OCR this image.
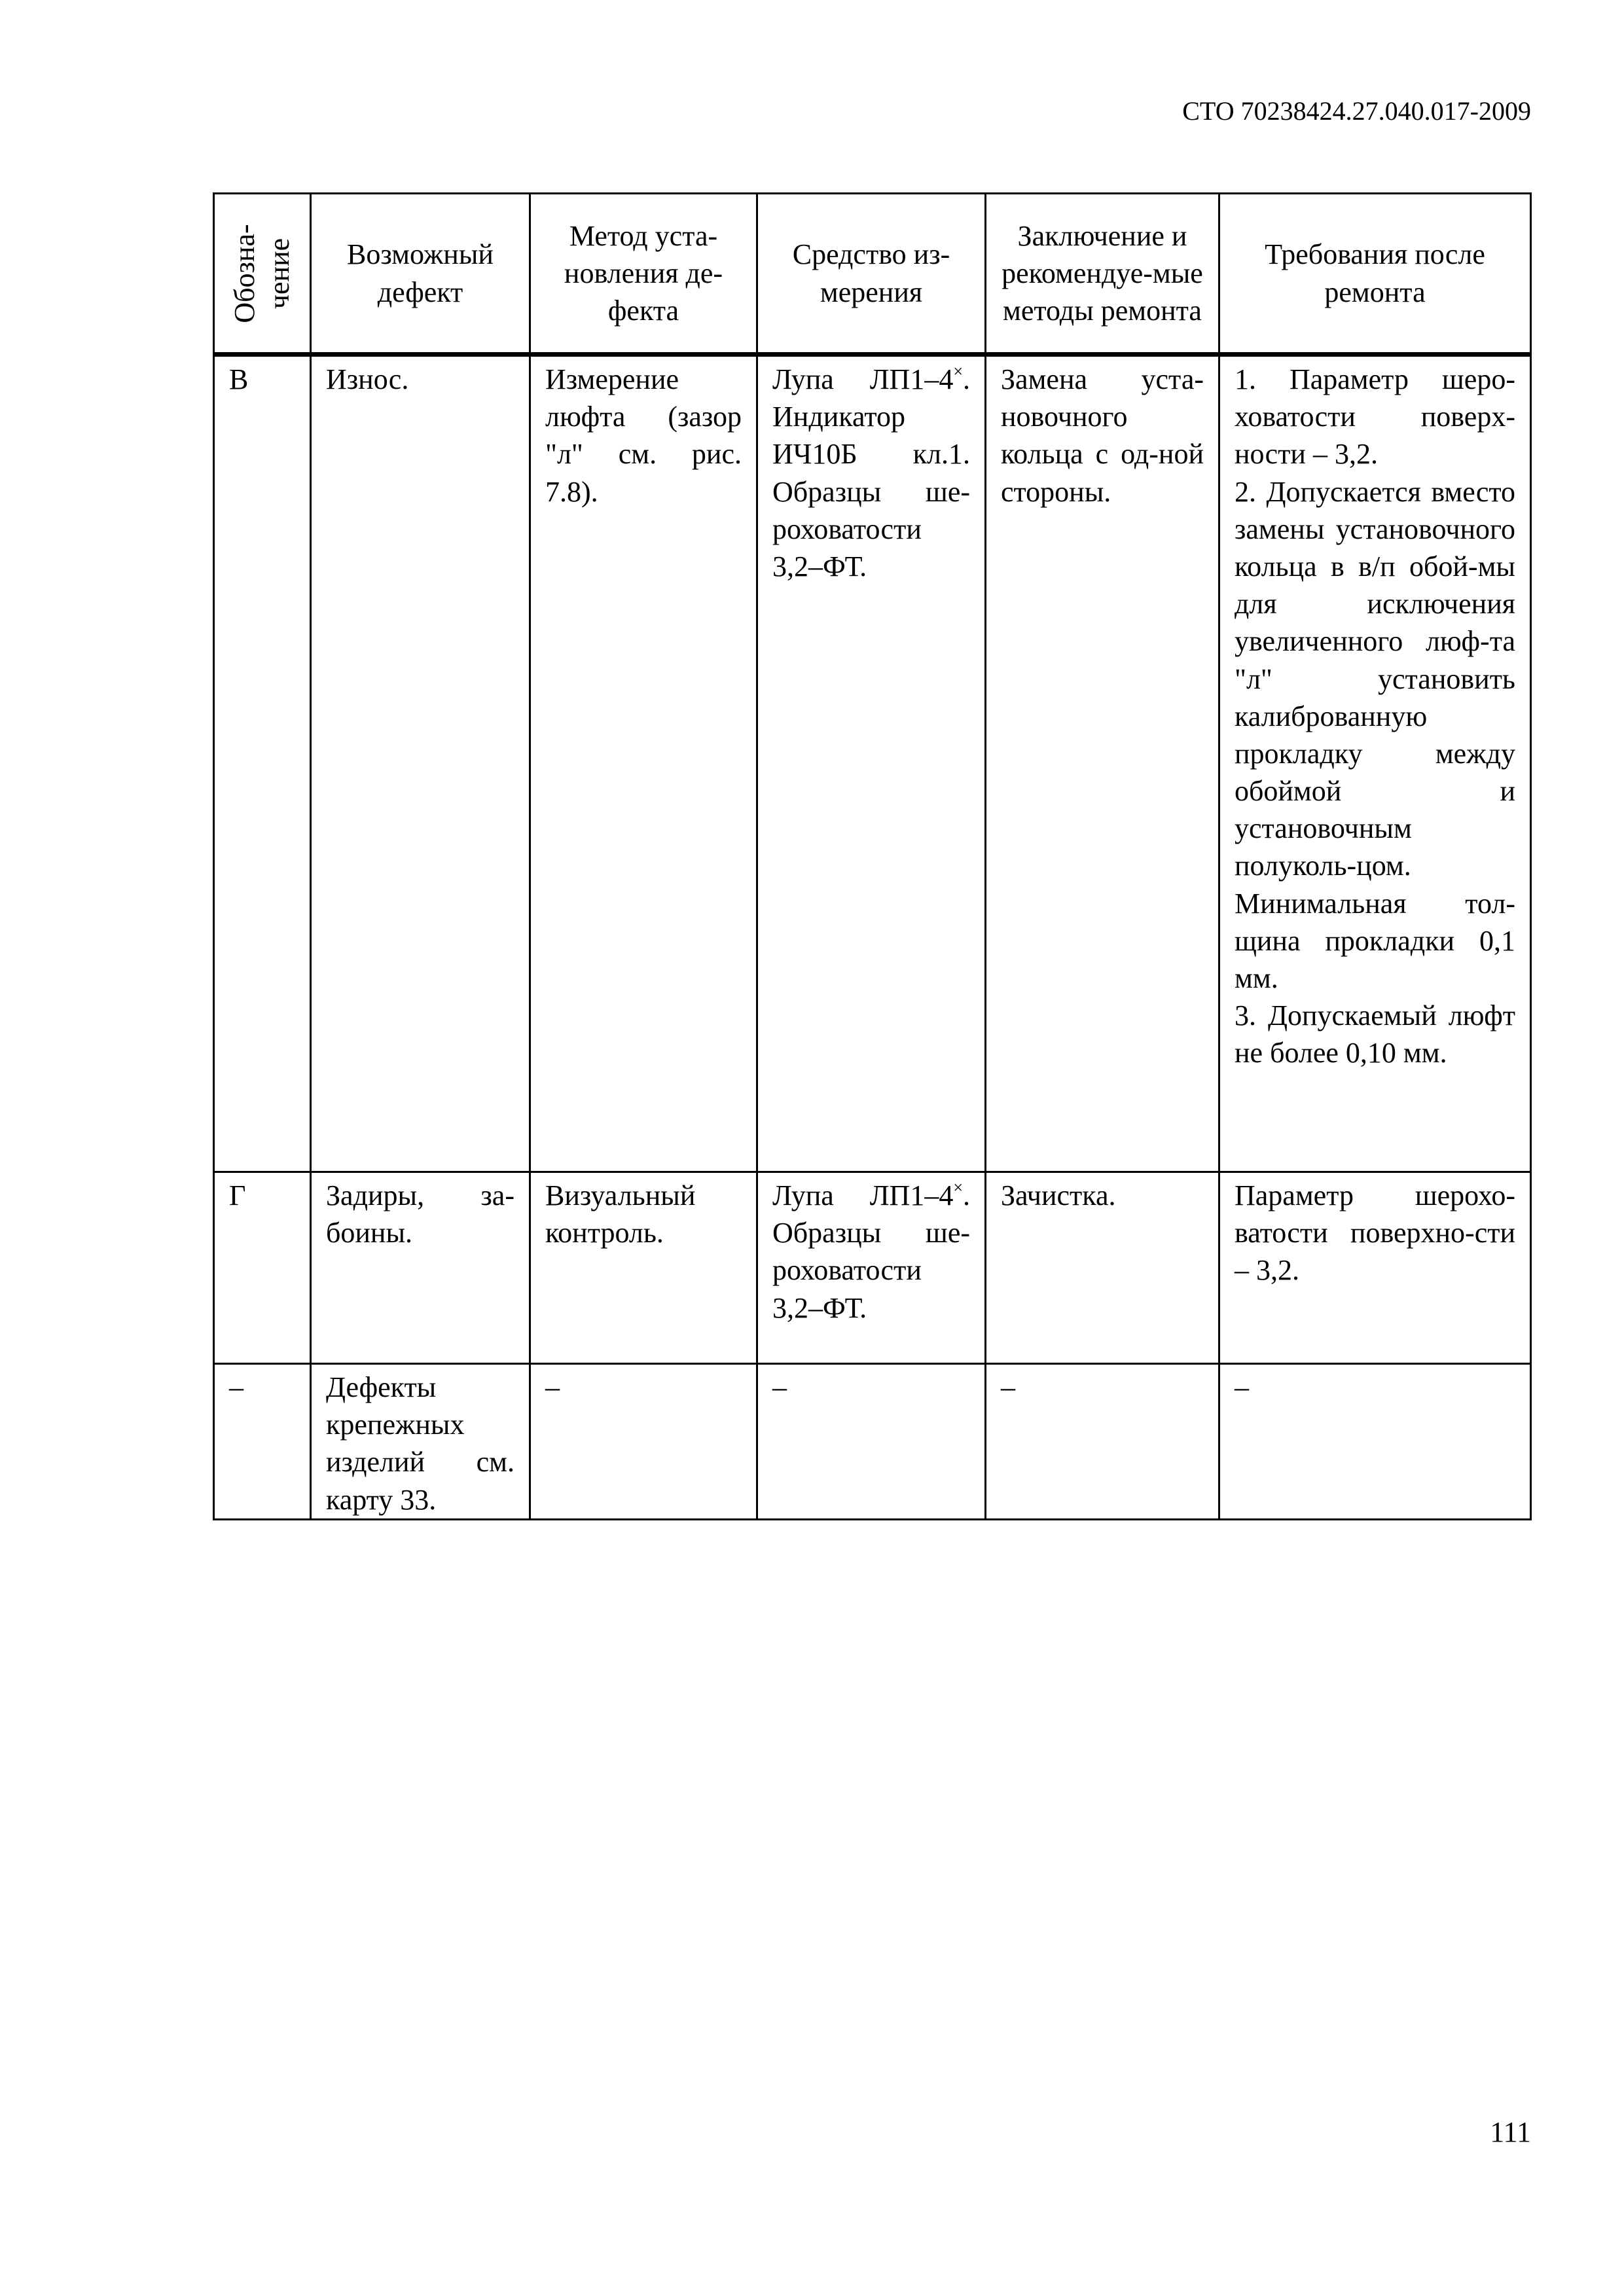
СТО 70238424.27.040.017-2009
Обозна-чение	Возможный дефект	Метод уста-новления де-фекта	Средство из-мерения	Заключение и рекомендуе-мые методы ремонта	Требования после ремонта
В	Износ.	Измерение люфта (зазор "л" см. рис. 7.8).	Лупа ЛП1–4×. Индикатор ИЧ10Б кл.1. Образцы ше-роховатости 3,2–ФТ.	Замена уста-новочного кольца с од-ной стороны.	1. Параметр шеро-ховатости поверх-ности – 3,2.
2. Допускается вместо замены установочного кольца в в/п обой-мы для исключения увеличенного люф-та "л" установить калиброванную прокладку между обоймой и установочным полуколь-цом.
Минимальная тол-щина прокладки 0,1 мм.
3. Допускаемый люфт не более 0,10 мм.

Г	Задиры, за-боины.	Визуальный контроль.	Лупа ЛП1–4×. Образцы ше-роховатости 3,2–ФТ.	Зачистка.	Параметр шерохо-ватости поверхно-сти – 3,2.

–	Дефекты крепежных изделий см. карту 33.	–	–	–	–
111
